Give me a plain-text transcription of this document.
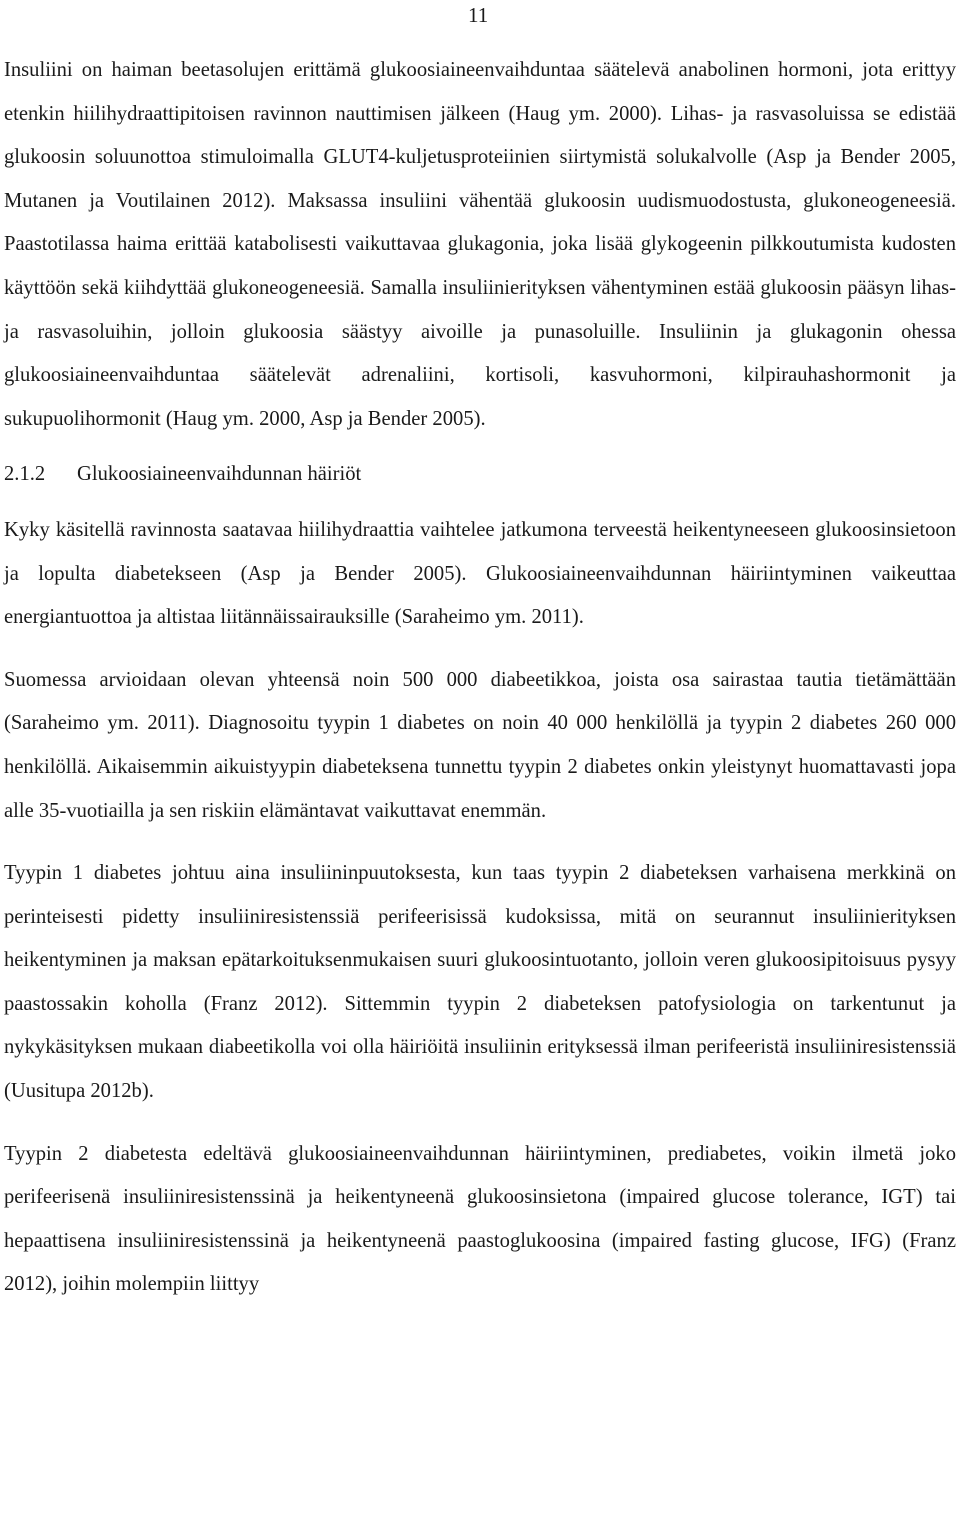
11

Insuliini on haiman beetasolujen erittämä glukoosiaineenvaihduntaa säätelevä anabolinen hormoni, jota erittyy etenkin hiilihydraattipitoisen ravinnon nauttimisen jälkeen (Haug ym. 2000). Lihas- ja rasvasoluissa se edistää glukoosin soluunottoa stimuloimalla GLUT4-kuljetusproteiinien siirtymistä solukalvolle (Asp ja Bender 2005, Mutanen ja Voutilainen 2012). Maksassa insuliini vähentää glukoosin uudismuodostusta, glukoneogeneesiä. Paastotilassa haima erittää katabolisesti vaikuttavaa glukagonia, joka lisää glykogeenin pilkkoutumista kudosten käyttöön sekä kiihdyttää glukoneogeneesiä. Samalla insuliinierityksen vähentyminen estää glukoosin pääsyn lihas- ja rasvasoluihin, jolloin glukoosia säästyy aivoille ja punasoluille. Insuliinin ja glukagonin ohessa glukoosiaineenvaihduntaa säätelevät adrenaliini, kortisoli, kasvuhormoni, kilpirauhashormonit ja sukupuolihormonit (Haug ym. 2000, Asp ja Bender 2005).

2.1.2 Glukoosiaineenvaihdunnan häiriöt

Kyky käsitellä ravinnosta saatavaa hiilihydraattia vaihtelee jatkumona terveestä heikentyneeseen glukoosinsietoon ja lopulta diabetekseen (Asp ja Bender 2005). Glukoosiaineenvaihdunnan häiriintyminen vaikeuttaa energiantuottoa ja altistaa liitännäissairauksille (Saraheimo ym. 2011).

Suomessa arvioidaan olevan yhteensä noin 500 000 diabeetikkoa, joista osa sairastaa tautia tietämättään (Saraheimo ym. 2011). Diagnosoitu tyypin 1 diabetes on noin 40 000 henkilöllä ja tyypin 2 diabetes 260 000 henkilöllä. Aikaisemmin aikuistyypin diabeteksena tunnettu tyypin 2 diabetes onkin yleistynyt huomattavasti jopa alle 35-vuotiailla ja sen riskiin elämäntavat vaikuttavat enemmän.

Tyypin 1 diabetes johtuu aina insuliininpuutoksesta, kun taas tyypin 2 diabeteksen varhaisena merkkinä on perinteisesti pidetty insuliiniresistenssiä perifeerisissä kudoksissa, mitä on seurannut insuliinierityksen heikentyminen ja maksan epätarkoituksenmukaisen suuri glukoosintuotanto, jolloin veren glukoosipitoisuus pysyy paastossakin koholla (Franz 2012). Sittemmin tyypin 2 diabeteksen patofysiologia on tarkentunut ja nykykäsityksen mukaan diabeetikolla voi olla häiriöitä insuliinin erityksessä ilman perifeeristä insuliiniresistenssiä (Uusitupa 2012b).

Tyypin 2 diabetesta edeltävä glukoosiaineenvaihdunnan häiriintyminen, prediabetes, voikin ilmetä joko perifeerisenä insuliiniresistenssinä ja heikentyneenä glukoosinsietona (impaired glucose tolerance, IGT) tai hepaattisena insuliiniresistenssinä ja heikentyneenä paastoglukoosina (impaired fasting glucose, IFG) (Franz 2012), joihin molempiin liittyy
